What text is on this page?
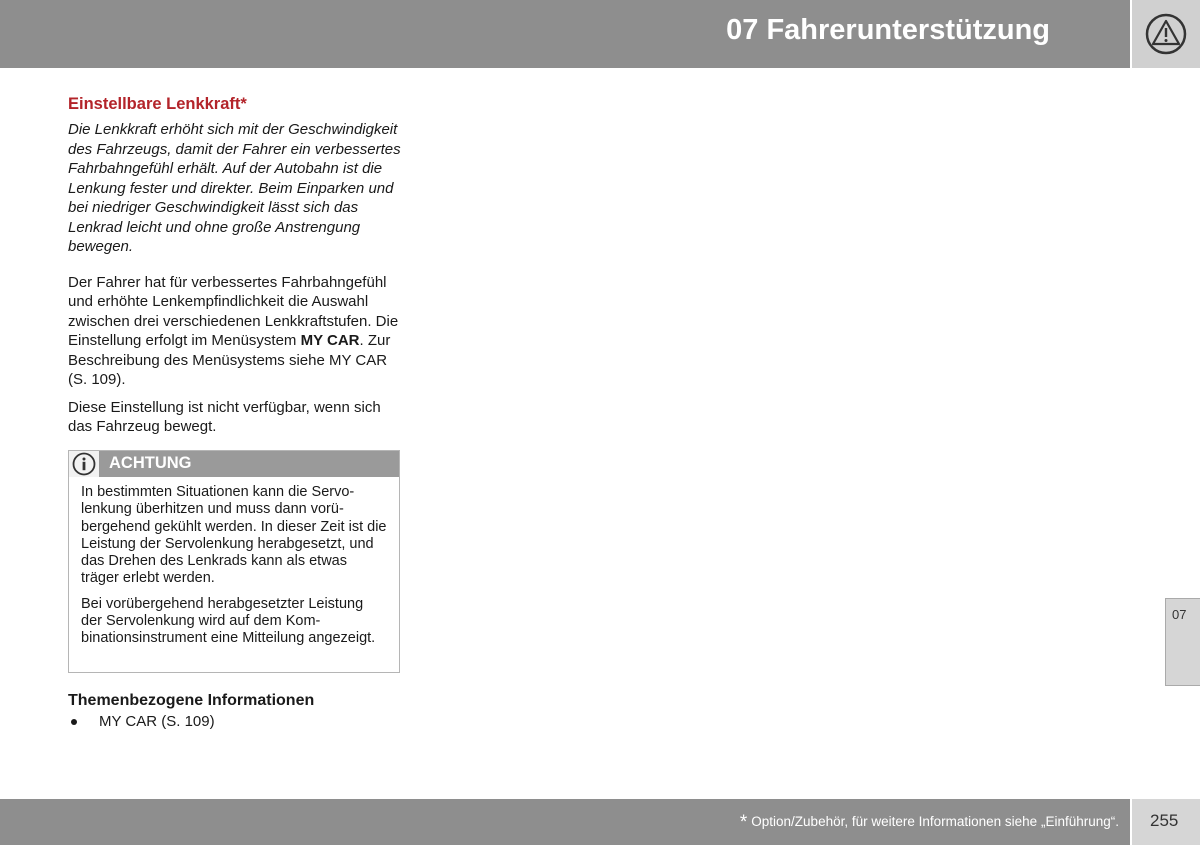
07 Fahrerunterstützung
Einstellbare Lenkkraft*

Die Lenkkraft erhöht sich mit der Geschwindigkeit des Fahrzeugs, damit der Fahrer ein verbessertes Fahrbahngefühl erhält. Auf der Autobahn ist die Lenkung fester und direkter. Beim Einparken und bei niedriger Geschwindigkeit lässt sich das Lenkrad leicht und ohne große Anstrengung bewegen.

Der Fahrer hat für verbessertes Fahrbahngefühl und erhöhte Lenkempfindlichkeit die Auswahl zwischen drei verschiedenen Lenkkraftstufen. Die Einstellung erfolgt im Menüsystem MY CAR. Zur Beschreibung des Menüsystems siehe MY CAR (S. 109).

Diese Einstellung ist nicht verfügbar, wenn sich das Fahrzeug bewegt.

ACHTUNG

In bestimmten Situationen kann die Servolenkung überhitzen und muss dann vorübergehend gekühlt werden. In dieser Zeit ist die Leistung der Servolenkung herabgesetzt, und das Drehen des Lenkrads kann als etwas träger erlebt werden.

Bei vorübergehend herabgesetzter Leistung der Servolenkung wird auf dem Kombinationsinstrument eine Mitteilung angezeigt.

Themenbezogene Informationen
MY CAR (S. 109)
07
* Option/Zubehör, für weitere Informationen siehe „Einführung“. 255
